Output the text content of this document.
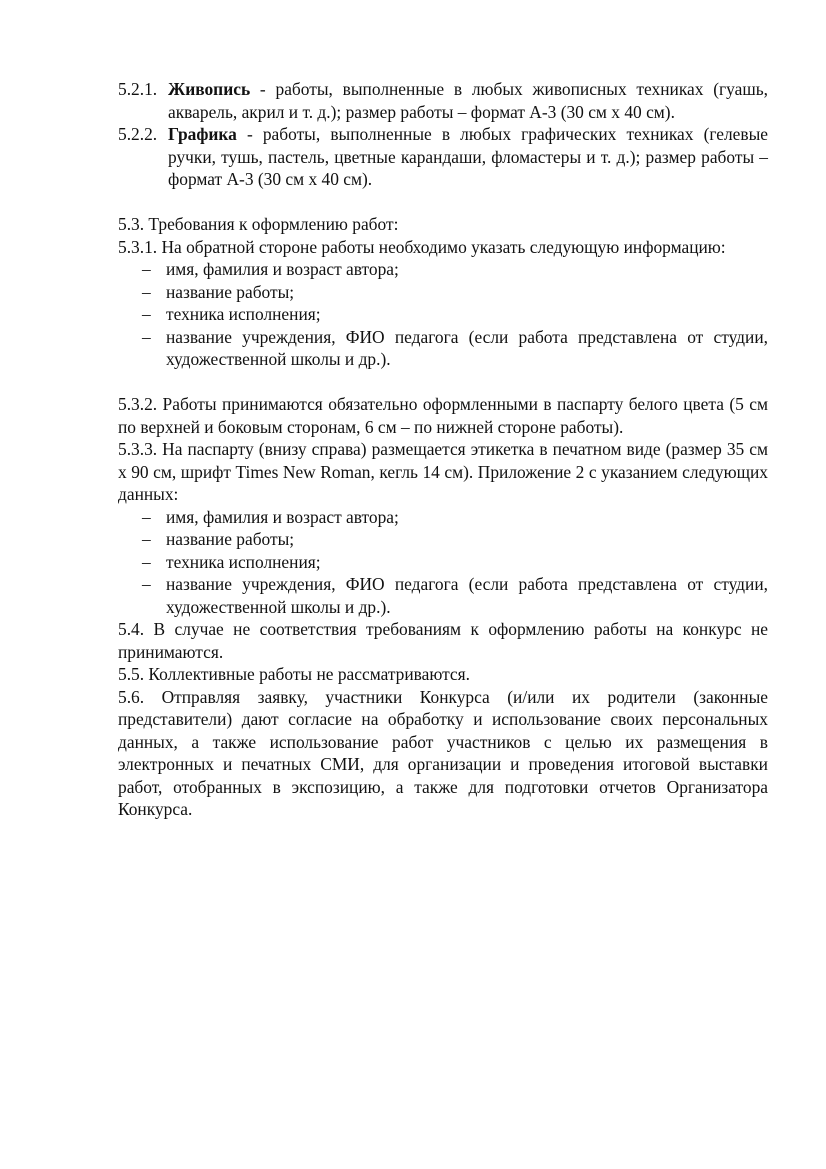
5.2.1. Живопись - работы, выполненные в любых живописных техниках (гуашь, акварель, акрил и т. д.); размер работы – формат А-3 (30 см х 40 см).
5.2.2. Графика - работы, выполненные в любых графических техниках (гелевые ручки, тушь, пастель, цветные карандаши, фломастеры и т. д.); размер работы – формат А-3 (30 см х 40 см).

5.3. Требования к оформлению работ:

5.3.1. На обратной стороне работы необходимо указать следующую информацию:

– имя, фамилия и возраст автора;
– название работы;
– техника исполнения;
– название учреждения, ФИО педагога (если работа представлена от студии, художественной школы и др.).

5.3.2. Работы принимаются обязательно оформленными в паспарту белого цвета (5 см по верхней и боковым сторонам, 6 см – по нижней стороне работы).

5.3.3. На паспарту (внизу справа) размещается этикетка в печатном виде (размер 35 см х 90 см, шрифт Times New Roman, кегль 14 см). Приложение 2 с указанием следующих данных:

– имя, фамилия и возраст автора;
– название работы;
– техника исполнения;
– название учреждения, ФИО педагога (если работа представлена от студии, художественной школы и др.).

5.4. В случае не соответствия требованиям к оформлению работы на конкурс не принимаются.

5.5. Коллективные работы не рассматриваются.

5.6. Отправляя заявку, участники Конкурса (и/или их родители (законные представители) дают согласие на обработку и использование своих персональных данных, а также использование работ участников с целью их размещения в электронных и печатных СМИ, для организации и проведения итоговой выставки работ, отобранных в экспозицию, а также для подготовки отчетов Организатора Конкурса.
